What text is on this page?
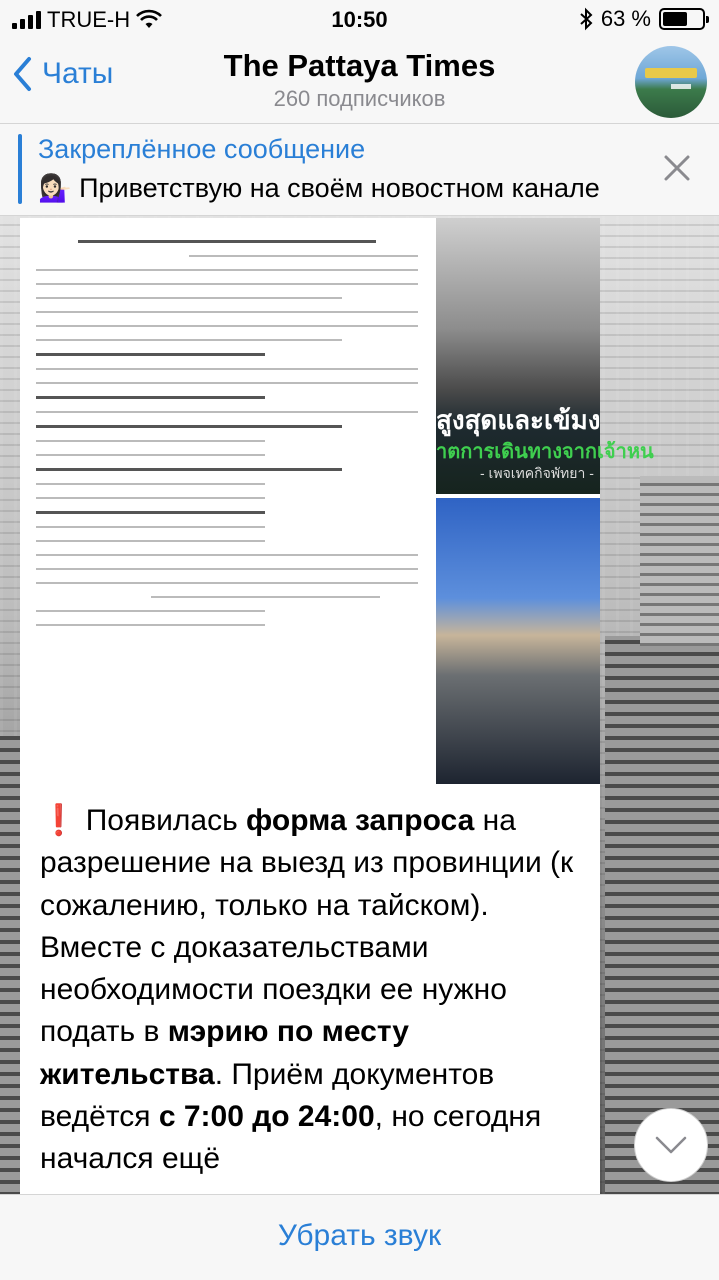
TRUE-H	10:50	63 %
Чаты	The Pattaya Times
260 подписчиков
Закреплённое сообщение
💁🏻‍♀️ Приветствую на своём новостном канале
สูงสุดและเข้มง
าตการเดินทางจากเจ้าหน
- เพจเทคกิจพัทยา -
❗ Появилась форма запроса на разрешение на выезд из провинции (к сожалению, только на тайском). Вместе с доказательствами необходимости поездки ее нужно подать в мэрию по месту жительства. Приём документов ведётся с 7:00 до 24:00, но сегодня начался ещё
Убрать звук
